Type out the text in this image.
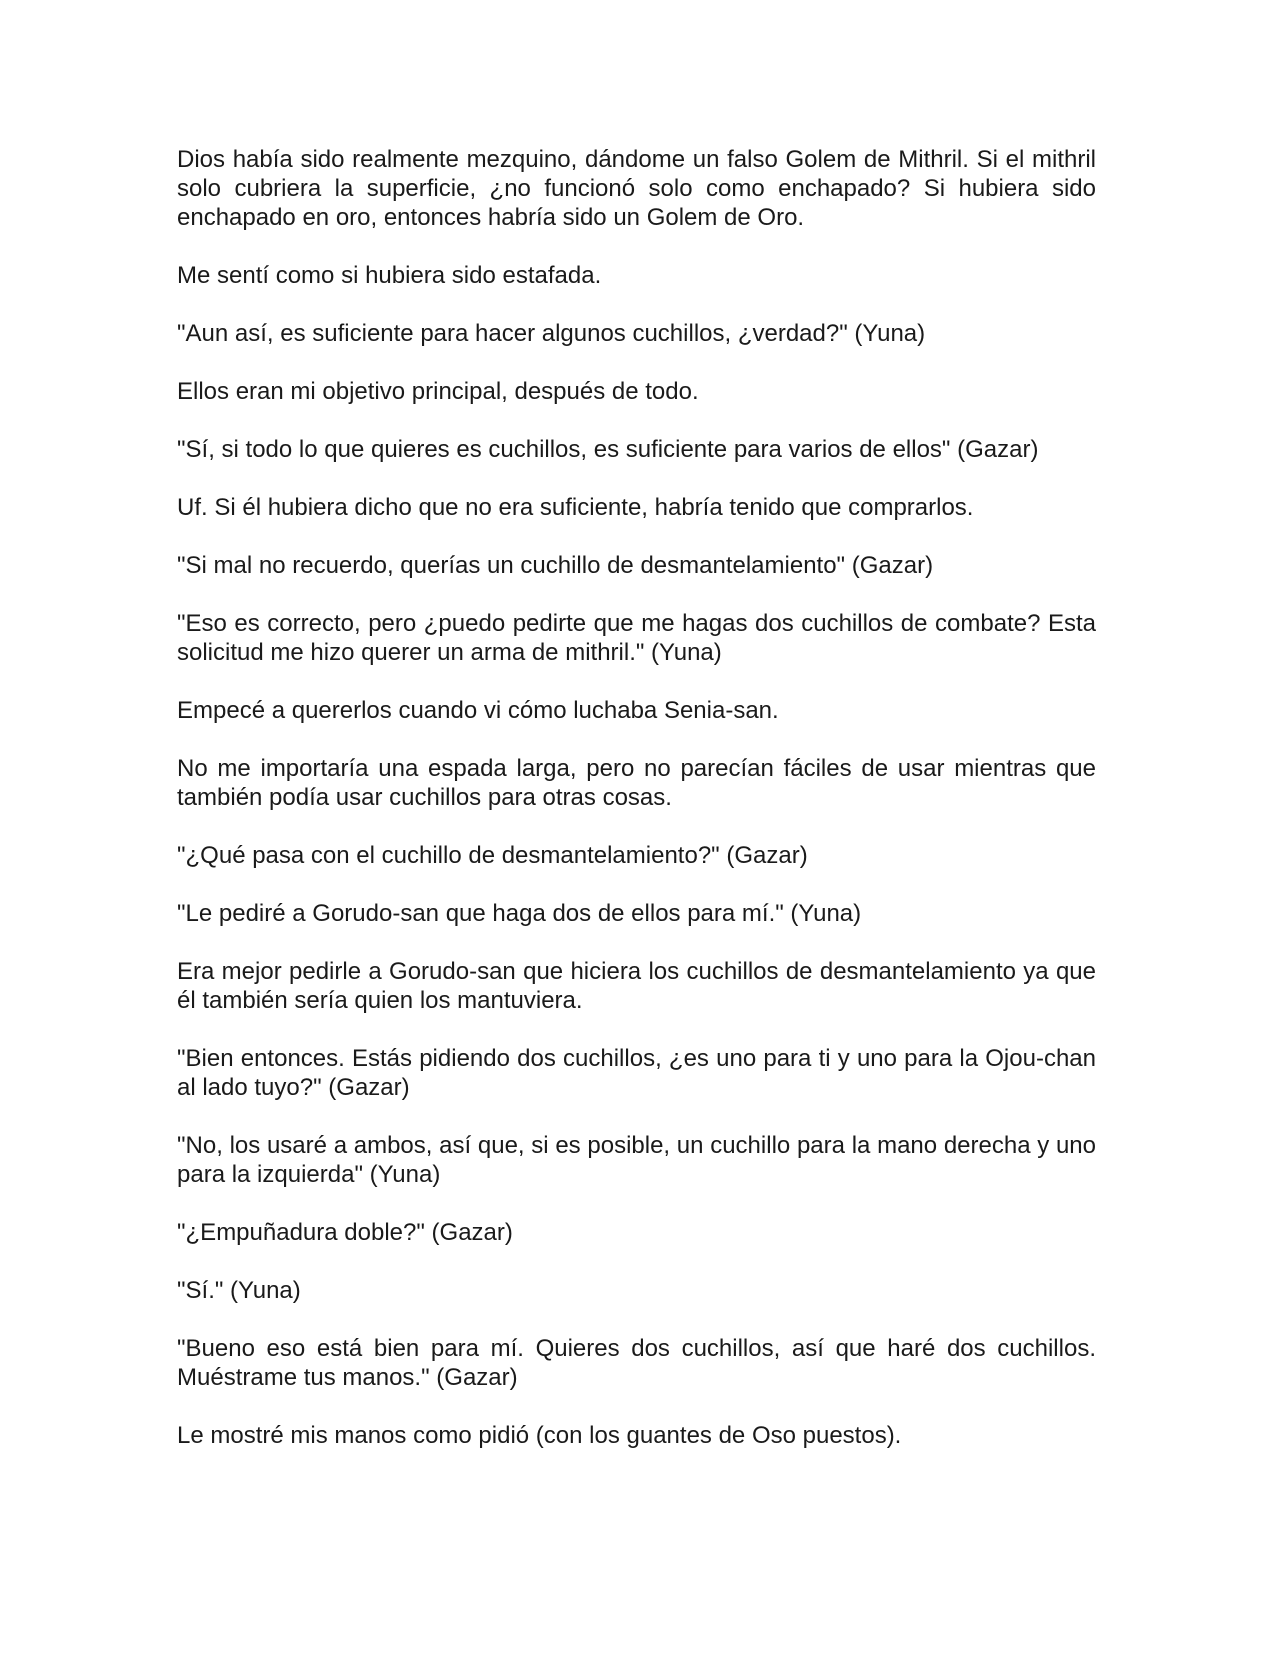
Dios había sido realmente mezquino, dándome un falso Golem de Mithril. Si el mithril solo cubriera la superficie, ¿no funcionó solo como enchapado? Si hubiera sido enchapado en oro, entonces habría sido un Golem de Oro.

Me sentí como si hubiera sido estafada.

"Aun así, es suficiente para hacer algunos cuchillos, ¿verdad?" (Yuna)

Ellos eran mi objetivo principal, después de todo.

"Sí, si todo lo que quieres es cuchillos, es suficiente para varios de ellos" (Gazar)

Uf. Si él hubiera dicho que no era suficiente, habría tenido que comprarlos.

"Si mal no recuerdo, querías un cuchillo de desmantelamiento" (Gazar)

"Eso es correcto, pero ¿puedo pedirte que me hagas dos cuchillos de combate? Esta solicitud me hizo querer un arma de mithril." (Yuna)

Empecé a quererlos cuando vi cómo luchaba Senia-san.

No me importaría una espada larga, pero no parecían fáciles de usar mientras que también podía usar cuchillos para otras cosas.

"¿Qué pasa con el cuchillo de desmantelamiento?" (Gazar)

"Le pediré a Gorudo-san que haga dos de ellos para mí." (Yuna)

Era mejor pedirle a Gorudo-san que hiciera los cuchillos de desmantelamiento ya que él también sería quien los mantuviera.

"Bien entonces. Estás pidiendo dos cuchillos, ¿es uno para ti y uno para la Ojou-chan al lado tuyo?" (Gazar)

"No, los usaré a ambos, así que, si es posible, un cuchillo para la mano derecha y uno para la izquierda" (Yuna)

"¿Empuñadura doble?" (Gazar)

"Sí." (Yuna)

"Bueno eso está bien para mí. Quieres dos cuchillos, así que haré dos cuchillos. Muéstrame tus manos." (Gazar)

Le mostré mis manos como pidió (con los guantes de Oso puestos).
